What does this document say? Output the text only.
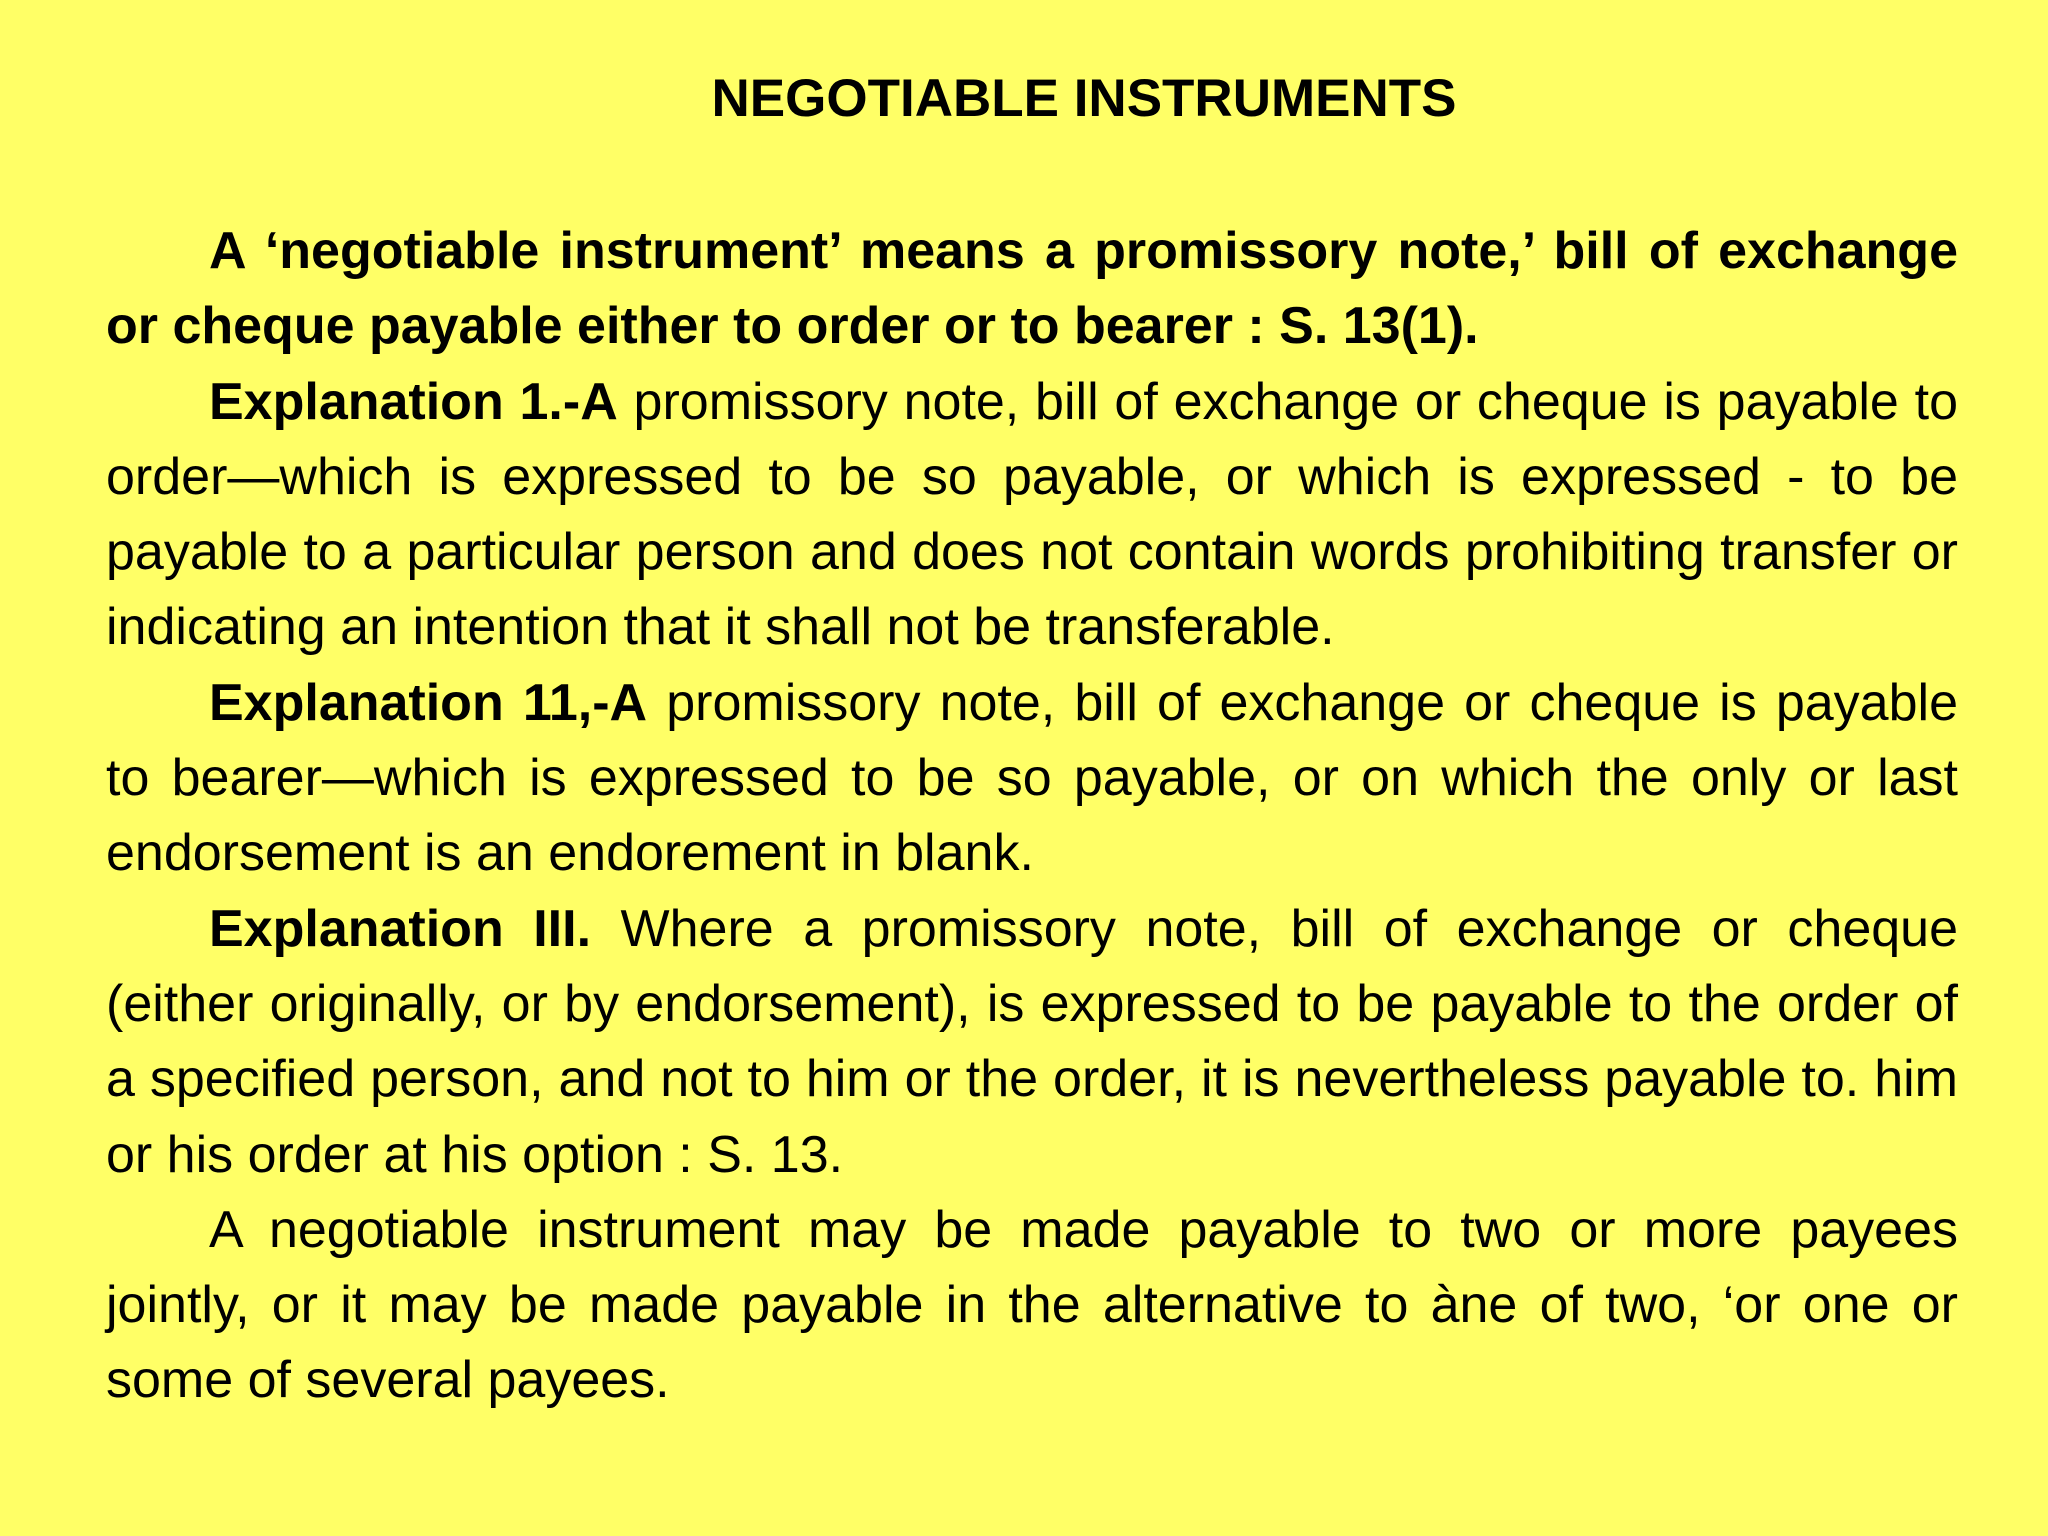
NEGOTIABLE INSTRUMENTS

A ‘negotiable instrument’ means a promissory note,’ bill of exchange or cheque payable either to order or to bearer : S. 13(1).

Explanation 1.-A promissory note, bill of exchange or cheque is payable to order—which is expressed to be so payable, or which is expressed - to be payable to a particular person and does not contain words prohibiting transfer or indicating an intention that it shall not be transferable.

Explanation 11,-A promissory note, bill of exchange or cheque is payable to bearer—which is expressed to be so payable, or on which the only or last endorsement is an endorement in blank.

Explanation III. Where a promissory note, bill of exchange or cheque (either originally, or by endorsement), is expressed to be payable to the order of a specified person, and not to him or the order, it is nevertheless payable to. him or his order at his option : S. 13.

A negotiable instrument may be made payable to two or more payees jointly, or it may be made payable in the alternative to àne of two, ‘or one or some of several payees.
